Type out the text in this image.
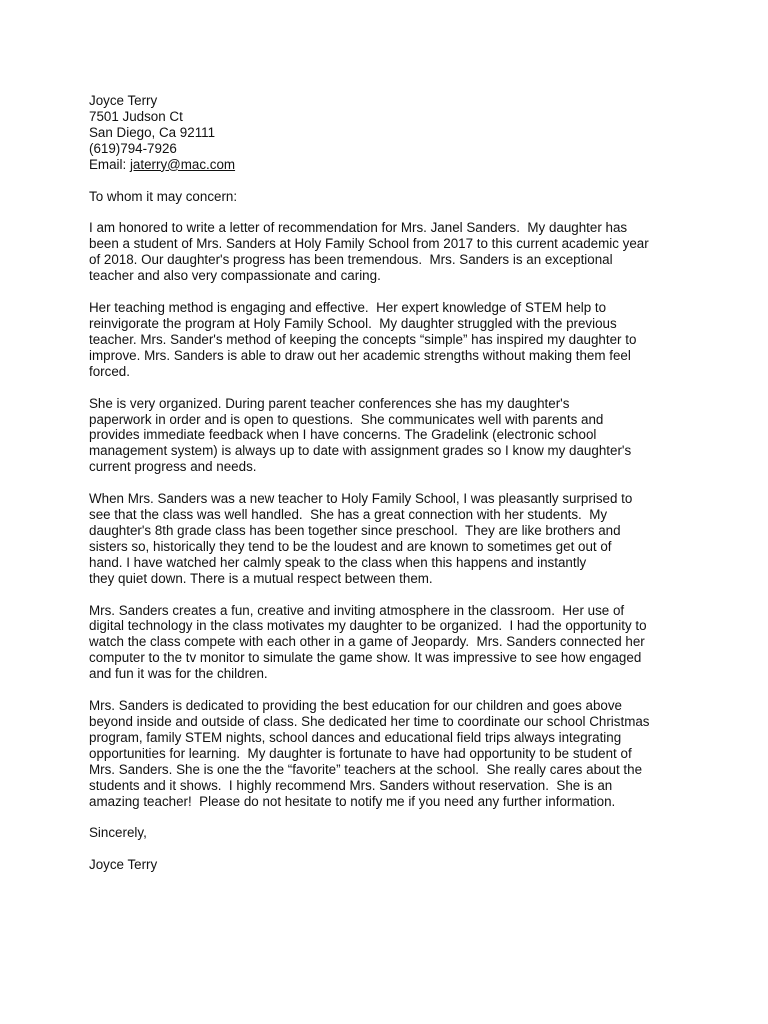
Joyce Terry
7501 Judson Ct
San Diego, Ca 92111
(619)794-7926
Email: jaterry@mac.com
To whom it may concern:
I am honored to write a letter of recommendation for Mrs. Janel Sanders.  My daughter has
been a student of Mrs. Sanders at Holy Family School from 2017 to this current academic year
of 2018. Our daughter's progress has been tremendous.  Mrs. Sanders is an exceptional
teacher and also very compassionate and caring.
Her teaching method is engaging and effective.  Her expert knowledge of STEM help to
reinvigorate the program at Holy Family School.  My daughter struggled with the previous
teacher. Mrs. Sander's method of keeping the concepts “simple” has inspired my daughter to
improve. Mrs. Sanders is able to draw out her academic strengths without making them feel
forced.
She is very organized. During parent teacher conferences she has my daughter's
paperwork in order and is open to questions.  She communicates well with parents and
provides immediate feedback when I have concerns. The Gradelink (electronic school
management system) is always up to date with assignment grades so I know my daughter's
current progress and needs.
When Mrs. Sanders was a new teacher to Holy Family School, I was pleasantly surprised to
see that the class was well handled.  She has a great connection with her students.  My
daughter's 8th grade class has been together since preschool.  They are like brothers and
sisters so, historically they tend to be the loudest and are known to sometimes get out of
hand. I have watched her calmly speak to the class when this happens and instantly
they quiet down. There is a mutual respect between them.
Mrs. Sanders creates a fun, creative and inviting atmosphere in the classroom.  Her use of
digital technology in the class motivates my daughter to be organized.  I had the opportunity to
watch the class compete with each other in a game of Jeopardy.  Mrs. Sanders connected her
computer to the tv monitor to simulate the game show. It was impressive to see how engaged
and fun it was for the children.
Mrs. Sanders is dedicated to providing the best education for our children and goes above
beyond inside and outside of class. She dedicated her time to coordinate our school Christmas
program, family STEM nights, school dances and educational field trips always integrating
opportunities for learning.  My daughter is fortunate to have had opportunity to be student of
Mrs. Sanders. She is one the the “favorite” teachers at the school.  She really cares about the
students and it shows.  I highly recommend Mrs. Sanders without reservation.  She is an
amazing teacher!  Please do not hesitate to notify me if you need any further information.
Sincerely,
Joyce Terry
